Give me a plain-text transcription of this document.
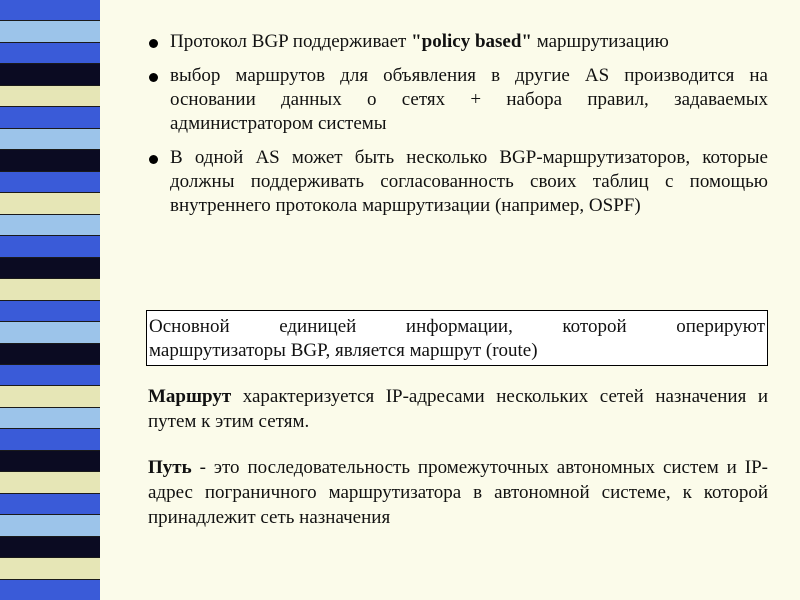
Протокол BGP поддерживает "policy based" маршрутизацию
выбор маршрутов для объявления в другие AS производится на основании данных о сетях + набора правил, задаваемых администратором системы
В одной AS может быть несколько BGP-маршрутизаторов, которые должны поддерживать согласованность своих таблиц с помощью внутреннего протокола маршрутизации (например, OSPF)
Основной единицей информации, которой оперируют
маршрутизаторы BGP, является маршрут (route)
Маршрут характеризуется IP-адресами нескольких сетей назначения и путем к этим сетям.
Путь - это последовательность промежуточных автономных систем и IP-адрес пограничного маршрутизатора в автономной системе, к которой принадлежит сеть назначения
